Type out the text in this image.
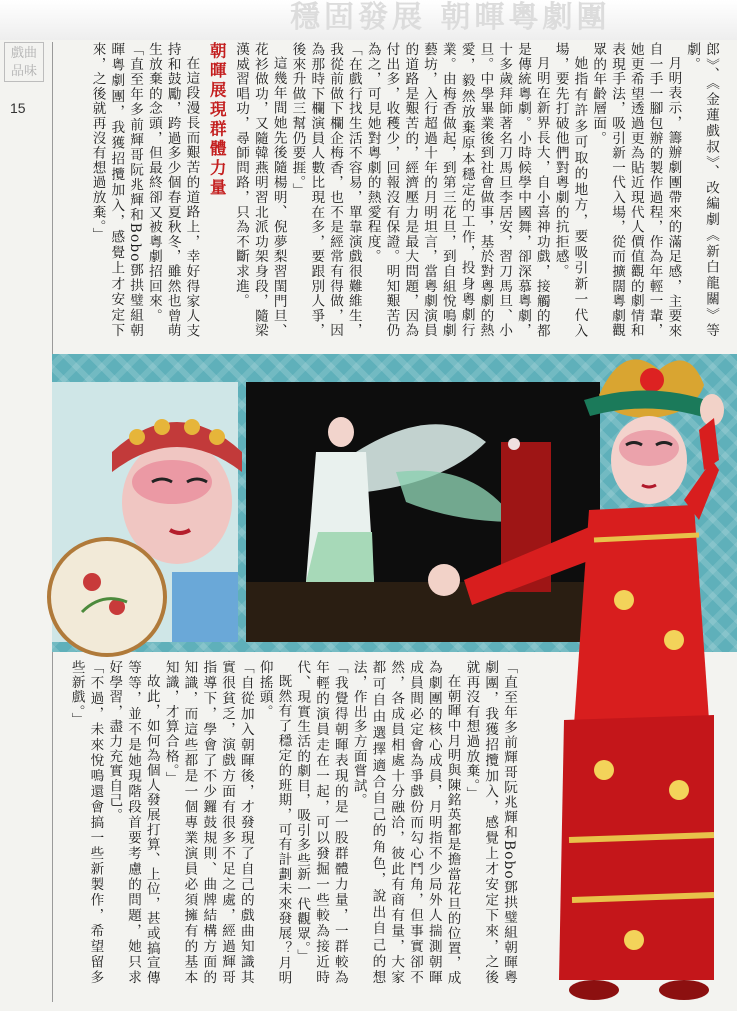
穩固發展 朝暉粵劇團
戲曲品味
15	郎》、《金蓮戲叔》、改編劇《新白龍關》等劇。

月明表示，籌辦劇團帶來的滿足感，主要來自一手一腳包辦的製作過程，作為年輕一輩，她更希望透過更為貼近現代人價值觀的劇情和表現手法，吸引新一代入場，從而擴闊粵劇觀眾的年齡層面。

她指有許多可取的地方，要吸引新一代入場，要先打破他們對粵劇的抗拒感。

月明在新界長大，自小喜神功戲，接觸的都是傳統粵劇。小時候學中國舞，卻深慕粵劇，十多歲拜師著名刀馬旦李居安，習刀馬旦、小旦。中學畢業後到社會做事，基於對粵劇的熱愛，毅然放棄原本穩定的工作，投身粵劇行業。由梅香做起，到第三花旦，到自組悅鳴劇藝坊，入行超過十年的月明坦言，當粵劇演員的道路是艱苦的，經濟壓力是最大問題，因為付出多，收穫少，回報沒有保證。明知艱苦仍為之，可見她對粵劇的熱愛程度。

「在戲行找生活不容易，單靠演戲很難維生，我從前做下欄企梅香，也不是經常有得做，因為那時下欄演員人數比現在多，要跟別人爭，後來升做三幫仍要捱。」

這幾年間她先後隨楊明、倪夢梨習閨門旦、花衫做功，又隨韓燕明習北派功架身段，隨梁漢威習唱功，尋師問路，只為不斷求進。

朝暉展現群體力量

在這段漫長而艱苦的道路上，幸好得家人支持和鼓勵，跨過多少個春夏秋冬，雖然也曾萌生放棄的念頭，但最終卻又被粵劇招回來。

「直至年多前輝哥阮兆輝和Bobo鄧拱璧組朝暉粵劇團，我獲招攬加入，感覺上才安定下來，之後就再沒有想過放棄。」

「直至年多前輝哥阮兆輝和Bobo鄧拱璧組朝暉粵劇團，我獲招攬加入，感覺上才安定下來，之後就再沒有想過放棄。」

在朝暉中月明與陳銘英都是擔當花旦的位置，成為劇團的核心成員，月明指不少局外人揣測朝暉成員間必定會為爭戲份而勾心鬥角，但事實卻不然，各成員相處十分融洽，彼此有商有量，大家都可自由選擇適合自己的角色，說出自己的想法，作出多方面嘗試。

「我覺得朝暉表現的是一股群體力量，一群較為年輕的演員走在一起，可以發掘一些較為接近時代、現實生活的劇目，吸引多些新一代觀眾。」

既然有了穩定的班期，可有計劃未來發展？月明仰搖頭。

「自從加入朝暉後，才發現了自己的戲曲知識其實很貧乏，演戲方面有很多不足之處，經過輝哥指導下，學會了不少鑼鼓規則、曲牌結構方面的知識，而這些都是一個專業演員必須擁有的基本知識，才算合格。」

故此，如何為個人發展打算、上位，甚或搞宣傳等等，並不是她現階段首要考慮的問題，她只求好學習，盡力充實自己。

「不過，未來悅鳴還會搞一些新製作，希望留多些新戲。」
